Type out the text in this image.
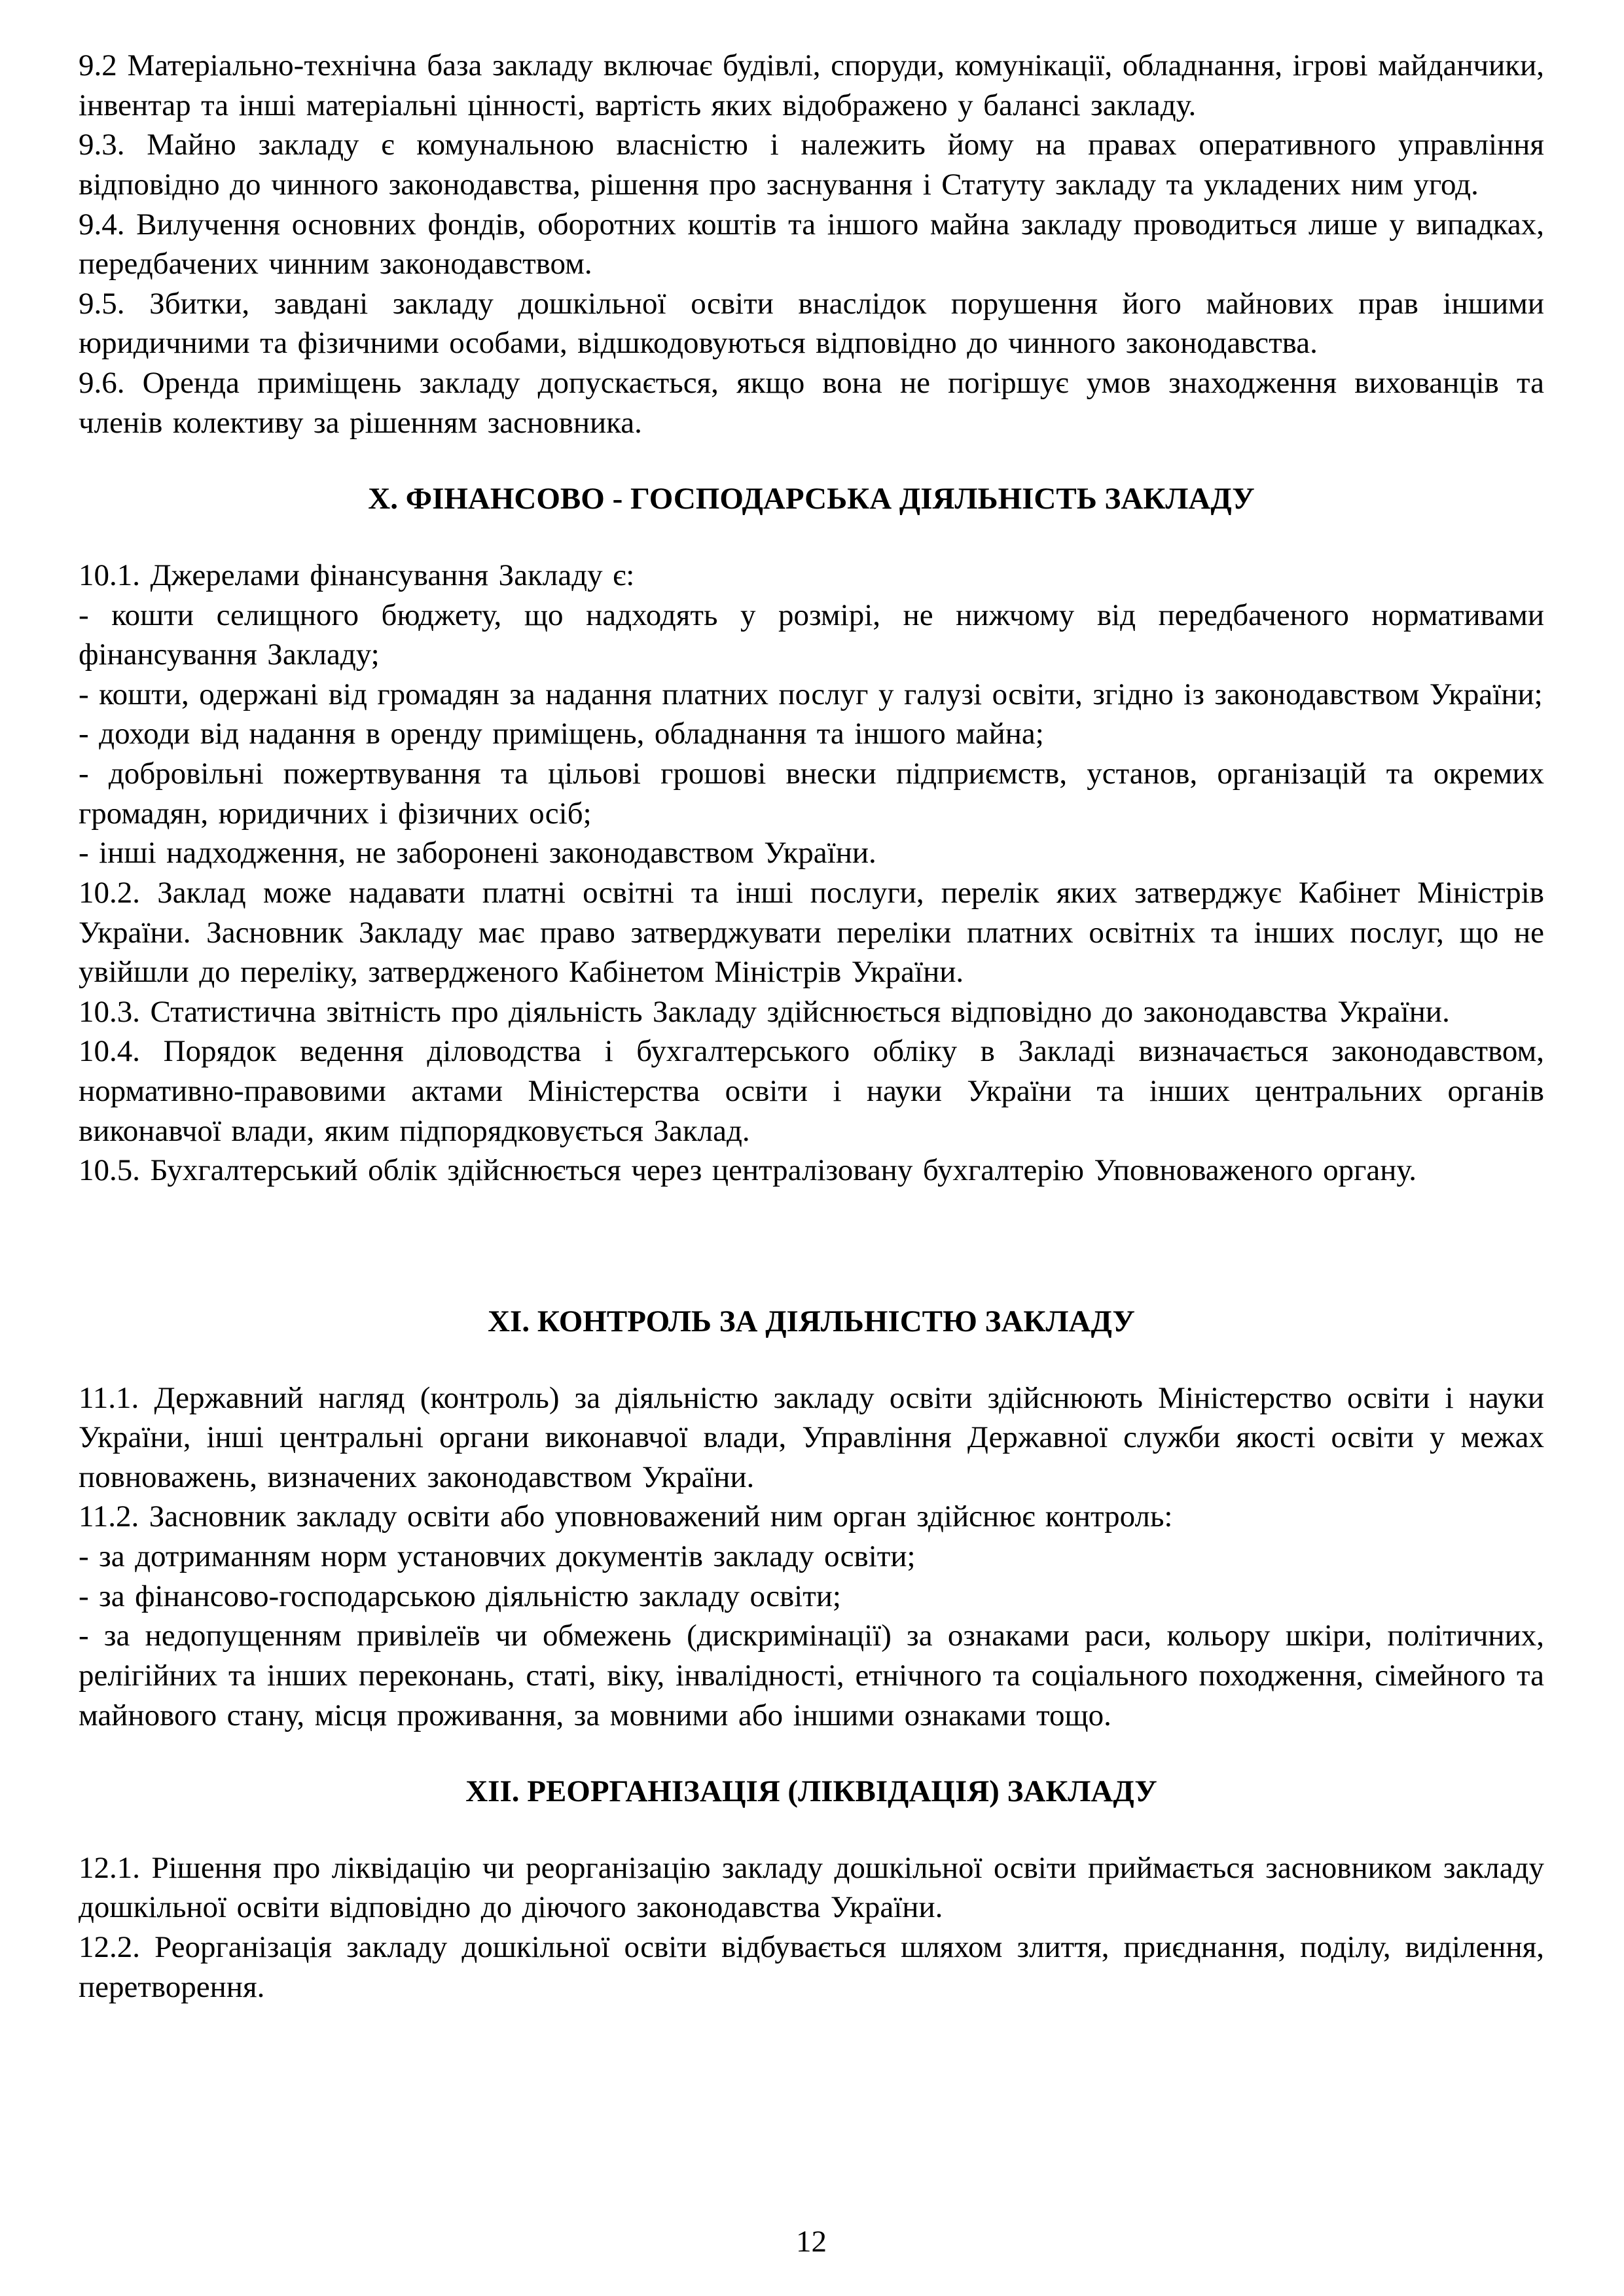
9.2 Матеріально-технічна база закладу включає будівлі, споруди, комунікації, обладнання, ігрові майданчики, інвентар та інші матеріальні цінності, вартість яких відображено у балансі закладу.

9.3. Майно закладу є комунальною власністю і належить йому на правах оперативного управління відповідно до чинного законодавства, рішення про заснування і Статуту закладу та укладених ним угод.

9.4. Вилучення основних фондів, оборотних коштів та іншого майна закладу проводиться лише у випадках, передбачених чинним законодавством.

9.5. Збитки, завдані закладу дошкільної освіти внаслідок порушення його майнових прав іншими юридичними та фізичними особами, відшкодовуються відповідно до чинного законодавства.

9.6. Оренда приміщень закладу допускається, якщо вона не погіршує умов знаходження вихованців та членів колективу за рішенням засновника.

X. ФІНАНСОВО - ГОСПОДАРСЬКА ДІЯЛЬНІСТЬ ЗАКЛАДУ

10.1. Джерелами фінансування Закладу є:

- кошти селищного бюджету, що надходять у розмірі, не нижчому від передбаченого нормативами фінансування Закладу;

- кошти, одержані від громадян за надання платних послуг у галузі освіти, згідно із законодавством України;

- доходи від надання в оренду приміщень, обладнання та іншого майна;

- добровільні пожертвування та цільові грошові внески підприємств, установ, організацій та окремих громадян, юридичних і фізичних осіб;

- інші надходження, не заборонені законодавством України.

10.2. Заклад може надавати платні освітні та інші послуги, перелік яких затверджує Кабінет Міністрів України. Засновник Закладу має право затверджувати переліки платних освітніх та інших послуг, що не увійшли до переліку, затвердженого Кабінетом Міністрів України.

10.3. Статистична звітність про діяльність Закладу здійснюється відповідно до законодавства України.

10.4. Порядок ведення діловодства і бухгалтерського обліку в Закладі визначається законодавством, нормативно-правовими актами Міністерства освіти і науки України та інших центральних органів виконавчої влади, яким підпорядковується Заклад.

10.5. Бухгалтерський облік здійснюється через централізовану бухгалтерію Уповноваженого органу.

XI. КОНТРОЛЬ ЗА ДІЯЛЬНІСТЮ ЗАКЛАДУ

11.1. Державний нагляд (контроль) за діяльністю закладу освіти здійснюють Міністерство освіти і науки України, інші центральні органи виконавчої влади, Управління Державної служби якості освіти у межах повноважень, визначених законодавством України.

11.2. Засновник закладу освіти або уповноважений ним орган здійснює контроль:

- за дотриманням норм установчих документів закладу освіти;

- за фінансово-господарською діяльністю закладу освіти;

- за недопущенням привілеїв чи обмежень (дискримінації) за ознаками раси, кольору шкіри, політичних, релігійних та інших переконань, статі, віку, інвалідності, етнічного та соціального походження, сімейного та майнового стану, місця проживання, за мовними або іншими ознаками тощо.

XII. РЕОРГАНІЗАЦІЯ (ЛІКВІДАЦІЯ) ЗАКЛАДУ

12.1. Рішення про ліквідацію чи реорганізацію закладу дошкільної освіти приймається засновником закладу дошкільної освіти відповідно до діючого законодавства України.

12.2. Реорганізація закладу дошкільної освіти відбувається шляхом злиття, приєднання, поділу, виділення, перетворення.

12
